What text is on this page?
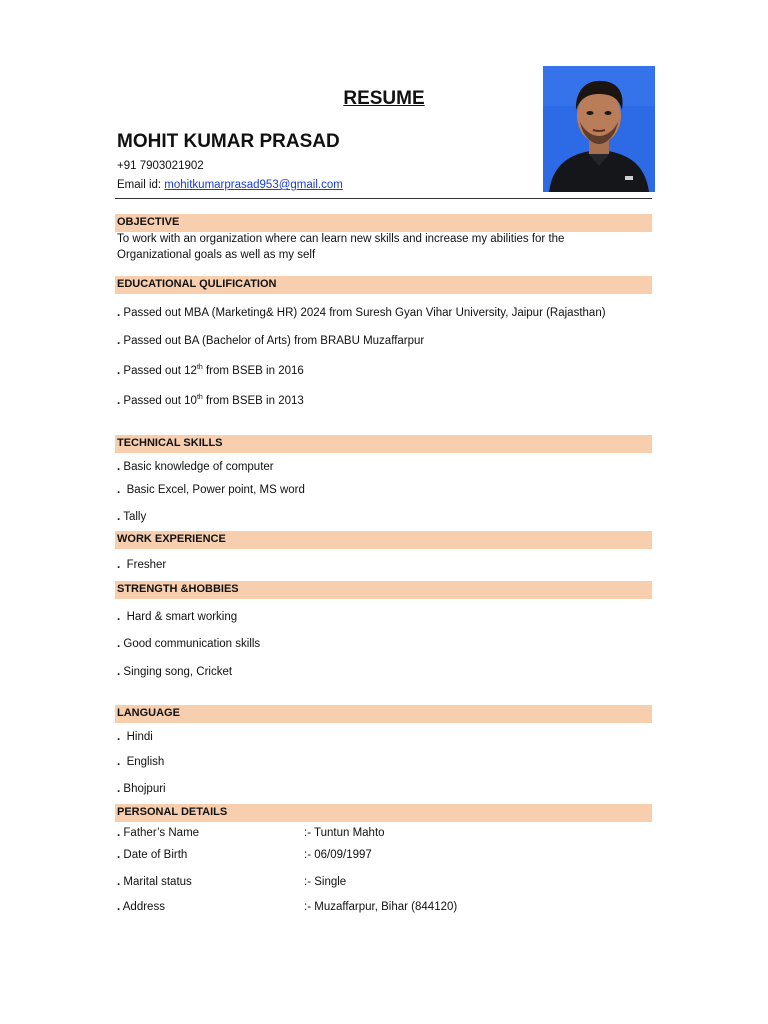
RESUME
MOHIT KUMAR PRASAD
+91 7903021902
Email id: mohitkumarprasad953@gmail.com
OBJECTIVE
To work with an organization where can learn new skills and increase my abilities for the
Organizational goals as well as my self
EDUCATIONAL QULIFICATION
. Passed out MBA (Marketing& HR) 2024 from Suresh Gyan Vihar University, Jaipur (Rajasthan)
. Passed out BA (Bachelor of Arts) from BRABU Muzaffarpur
. Passed out 12th from BSEB in 2016
. Passed out 10th from BSEB in 2013
TECHNICAL SKILLS
. Basic knowledge of computer
. Basic Excel, Power point, MS word
. Tally
WORK EXPERIENCE
. Fresher
STRENGTH &HOBBIES
. Hard & smart working
. Good communication skills
. Singing song, Cricket
LANGUAGE
. Hindi
. English
. Bhojpuri
PERSONAL DETAILS
. Father’s Name	:- Tuntun Mahto
. Date of Birth	:- 06/09/1997
. Marital status	:- Single
. Address	:- Muzaffarpur, Bihar (844120)
